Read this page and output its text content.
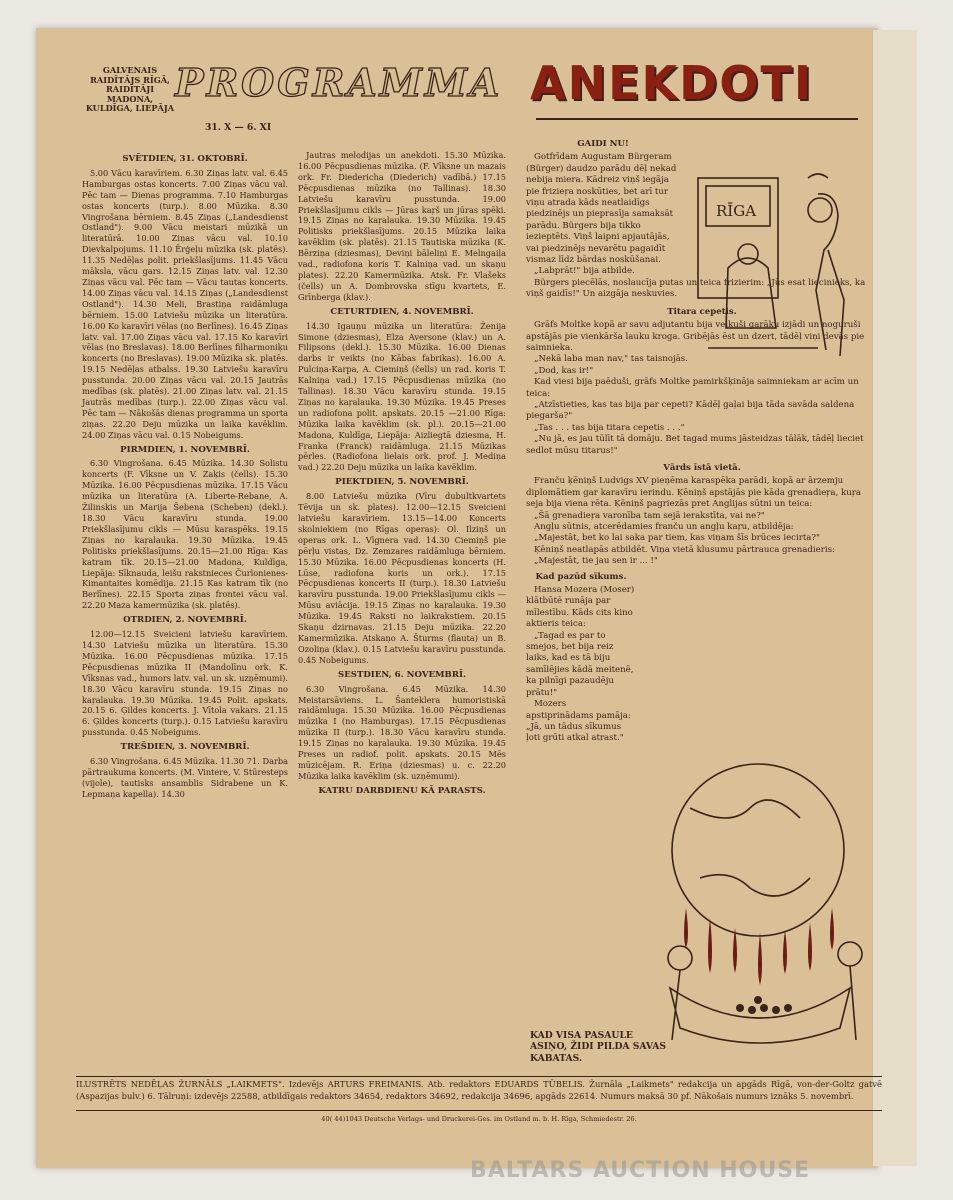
GALVENAIS RAIDĪTĀJS RĪGĀ, RAIDĪTĀJI MADONA, KULDĪGA, LIEPĀJA
PROGRAMMA
31. X — 6. XI
ANEKDOTI
SVĒTDIEN, 31. OKTOBRĪ.

5.00 Vācu karavīriem. 6.30 Ziņas latv. val. 6.45 Hamburgas ostas koncerts. 7.00 Ziņas vācu val. Pēc tam — Dienas programma. 7.10 Hamburgas ostas koncerts (turp.). 8.00 Mūzika. 8.30 Vingrošana bērniem. 8.45 Ziņas („Landesdienst Ostland"). 9.00 Vācu meistari mūzikā un literatūrā. 10.00 Ziņas vācu val. 10.10 Dievkalpojums. 11.10 Ērģeļu mūzika (sk. platēs). 11.35 Nedēļas polit. priekšlasījums. 11.45 Vācu māksla, vācu gars. 12.15 Ziņas latv. val. 12.30 Ziņas vācu val. Pēc tam — Vācu tautas koncerts. 14.00 Ziņas vācu val. 14.15 Ziņas („Landesdienst Ostland"). 14.30 Meli, Brastiņa raidāmluga bērniem. 15.00 Latviešu mūzika un literatūra. 16.00 Ko karavīri vēlas (no Berlīnes). 16.45 Ziņas latv. val. 17.00 Ziņas vācu val. 17.15 Ko karavīri vēlas (no Breslavas). 18.00 Berlīnes filharmoniķu koncerts (no Breslavas). 19.00 Mūzika sk. platēs. 19.15 Nedēļas atbalss. 19.30 Latviešu karavīru pusstunda. 20.00 Ziņas vācu val. 20.15 Jautrās medības (sk. platēs). 21.00 Ziņas latv. val. 21.15 Jautrās medības (turp.). 22.00 Ziņas vācu val. Pēc tam — Nākošās dienas programma un sporta ziņas. 22.20 Deju mūzika un laika kavēklim. 24.00 Ziņas vācu val. 0.15 Nobeigums.

PIRMDIEN, 1. NOVEMBRĪ.

6.30 Vingrošana. 6.45 Mūzika. 14.30 Solistu koncerts (F. Vīksne un V. Zaķis (čells). 15.30 Mūzika. 16.00 Pēcpusdienas mūzika. 17.15 Vācu mūzika un literatūra (A. Liberte-Rebane, A. Žilinskis un Marija Šebena (Scheben) (dekl.). 18.30 Vācu karavīru stunda. 19.00 Priekšlasījumu cikls — Mūsu karaspēks. 19.15 Ziņas no kaŗalauka. 19.30 Mūzika. 19.45 Politisks priekšlasījums. 20.15—21.00 Rīga: Kas katram tīk. 20.15—21.00 Madona, Kuldīga, Liepāja: Sīknauda, leišu rakstnieces Čurlonienes-Kimantaites komēdija. 21.15 Kas katram tīk (no Berlīnes). 22.15 Sporta ziņas frontei vācu val. 22.20 Maza kamermūzika (sk. platēs).

OTRDIEN, 2. NOVEMBRĪ.

12.00—12.15 Sveicieni latviešu karavīriem. 14.30 Latviešu mūzika un literatūra. 15.30 Mūzika. 16.00 Pēcpusdienas mūzika. 17.15 Pēcpusdienas mūzika II (Mandolīnu ork. K. Vīksnas vad., humors latv. val. un sk. uzņēmumi). 18.30 Vācu karavīru stunda. 19.15 Ziņas no kaŗalauka. 19.30 Mūzika. 19.45 Polit. apskats. 20.15 6. Ģildes koncerts. J. Vītola vakars. 21.15 6. Ģildes koncerts (turp.). 0.15 Latviešu karavīru pusstunda. 0.45 Nobeigums.

TREŠDIEN, 3. NOVEMBRĪ.

6.30 Vingrošana. 6.45 Mūzika. 11.30 71. Darba pārtraukuma koncerts. (M. Vintere, V. Stūresteps (vijole), tautisks ansamblis Sidrabene un K. Lepmaņa kapella). 14.30

Jautras melodijas un anekdoti. 15.30 Mūzika. 16.00 Pēcpusdienas mūzika. (F. Vīksne un mazais ork. Fr. Diedericha (Diederich) vadībā.) 17.15 Pēcpusdienas mūzika (no Tallinas). 18.30 Latviešu karavīru pusstunda. 19.00 Priekšlasījumu cikls — Jūras kaŗš un jūras spēki. 19.15 Ziņas no kaŗalauka. 19.30 Mūzika. 19.45 Politisks priekšlasījums. 20.15 Mūzika laika kavēklim (sk. platēs). 21.15 Tautiska mūzika (K. Bērziņa (dziesmas), Deviņi bāleliņi E. Melngaiļa vad., radiofona koris T. Kalniņa vad. un skaņu plates). 22.20 Kamermūzika. Atsk. Fr. Vlašeks (čells) un A. Dombrovska stīgu kvartets, E. Grīnberga (klav.).

CETURTDIEN, 4. NOVEMBRĪ.

14.30 Igauņu mūzika un literatūra: Ženija Simone (dziesmas), Elza Aversone (klav.) un A. Filipsons (dekl.). 15.30 Mūzika. 16.00 Dienas darbs ir veikts (no Kābas fabrikas). 16.00 A. Pulciņa-Karpa, A. Ciemiņš (čells) un rad. koris T. Kalniņa vad.) 17.15 Pēcpusdienas mūzika (no Tallinas). 18.30 Vācu karavīru stunda. 19.15 Ziņas no kaŗalauka. 19.30 Mūzika. 19.45 Preses un radiofona polit. apskats. 20.15 —21.00 Rīga: Mūzika laika kavēklim (sk. pl.). 20.15—21.00 Madona, Kuldīga, Liepāja: Aizliegtā dziesma, H. Franka (Franck) raidāmluga. 21.15 Mūzikas pērles. (Radiofona lielais ork. prof. J. Mediņa vad.) 22.20 Deju mūzika un laika kavēklim.

PIEKTDIEN, 5. NOVEMBRĪ.

8.00 Latviešu mūzika (Vīru dubultkvartets Tēvija un sk. plates). 12.00—12.15 Sveicieni latviešu karavīriem. 13.15—14.00 Koncerts skolniekiem (no Rīgas operas): Ol. Ilziņš un operas ork. L. Vīgnera vad. 14.30 Ciemiņš pie pērļu vistas, Dz. Zemzares raidāmluga bērniem. 15.30 Mūzika. 16.00 Pēcpusdienas koncerts (H. Lūse, radiofona koris un ork.). 17.15 Pēcpusdienas koncerts II (turp.). 18.30 Latviešu karavīru pusstunda. 19.00 Priekšlasījumu cikls — Mūsu aviācija. 19.15 Ziņas no kaŗalauka. 19.30 Mūzika. 19.45 Raksti no laikrakstiem. 20.15 Skaņu dzirnavas. 21.15 Deju mūzika. 22.20 Kamermūzika. Atskaņo A. Šturms (flauta) un B. Ozoliņa (klav.). 0.15 Latviešu karavīru pusstunda. 0.45 Nobeigums.

SESTDIEN, 6. NOVEMBRĪ.

6.30 Vingrošana. 6.45 Mūzika. 14.30 Meistarsāviens. L. Šanteklera humoristiskā raidāmluga. 15.30 Mūzika. 16.00 Pēcpusdienas mūzika I (no Hamburgas). 17.15 Pēcpusdienas mūzika II (turp.). 18.30 Vācu karavīru stunda. 19.15 Ziņas no kaŗalauka. 19.30 Mūzika. 19.45 Preses un radiof. polit. apskats. 20.15 Mēs mūzicējam. R. Eriņa (dziesmas) u. c. 22.20 Mūzika laika kavēklim (sk. uzņēmumi).

KATRU DARBDIENU KĀ PARASTS.
GAIDI NU!

Gotfrīdam Augustam Bürgeram (Bürger) daudzo parādu dēļ nekad nebija miera. Kādreiz viņš iegāja pie frizieŗa noskūties, bet arī tur viņu atrada kāds neatlaidīgs piedzinējs un pieprasīja samaksāt parādu. Bürgers bija tikko iezieptēts. Viņš laipni apjautājās, vai piedzinējs nevarētu pagaidīt vismaz līdz bārdas noskūšanai.

„Labprāt!" bija atbilde.

Bürgers piecēlās, noslaucīja putas un teica frizierim: „Jūs esat liecinieks, ka viņš gaidīs!" Un aizgāja neskuvies.

Titara cepetis.

Grāfs Moltke kopā ar savu adjutantu bija veikuši garāku izjādi un noguruši apstājās pie vienkārša lauku kroga. Gribējās ēst un dzert, tādēļ viņi devās pie saimnieka.

„Nekā laba man nav," tas taisnojās.

„Dod, kas ir!"

Kad viesi bija paēduši, grāfs Moltke pamirkšķināja saimniekam ar acīm un teica:

„Atzīstieties, kas tas bija par cepeti? Kādēļ gaļai bija tāda savāda saldena piegarša?"

„Tas . . . tas bija titara cepetis . . ."

„Nu jā, es jau tūlīt tā domāju. Bet tagad mums jāsteidzas tālāk, tādēļ lieciet sedlot mūsu titarus!"

Vārds īstā vietā.

Franču ķēniņš Ludvigs XV pieņēma karaspēka parādi, kopā ar ārzemju diplomātiem gar karavīru ierindu. Ķēniņš apstājās pie kāda grenadieŗa, kuŗa seja bija viena rēta. Ķēniņš pagriezās pret Anglijas sūtni un teica:

„Šā grenadieŗa varonība tam sejā ierakstīta, vai ne?"

Angļu sūtnis, atcerēdamies franču un angļu kaŗu, atbildēja:

„Majestāt, bet ko lai saka par tiem, kas viņam šīs brūces iecirta?"

Ķēniņš neatlapās atbildēt. Viņa vietā klusumu pārtrauca grenadieris:

„Majestāt, tie jau sen ir ... !"

Kad pazūd sīkums.

Hansa Mozera (Moser) klātbūtē runāja par mīlestību. Kāds cits kino aktieris teica:

„Tagad es par to smejos, bet bija reiz laiks, kad es tā biju samīlējies kādā meitenē, ka pilnīgi pazaudēju prātu!"

Mozers apstiprinādams pamāja: „Jā, un tādus sīkumus ļoti grūti atkal atrast."

RĪGA
KAD VISA PASAULE ASIŅO, ŽIDI PILDA SAVAS KABATAS.
ILUSTRĒTS NEDĒĻAS ŽURNĀLS „LAIKMETS". Izdevējs ARTURS FREIMANIS. Atb. redaktors EDUARDS TŪBELIS. Žurnāla „Laikmets" redakcija un apgāds Rīgā, von-der-Goltz gatvē (Aspazijas bulv.) 6. Tālruņi: izdevējs 22588, atbildīgais redaktors 34654, redaktors 34692, redakcija 34696, apgāds 22614. Numurs maksā 30 pf. Nākošais numurs iznāks 5. novembrī.
40( 44)1043 Deutsche Verlags- und Druckerei-Ges. im Ostland m. b. H. Rīga, Schmiedestr. 26.
BALTARS AUCTION HOUSE
